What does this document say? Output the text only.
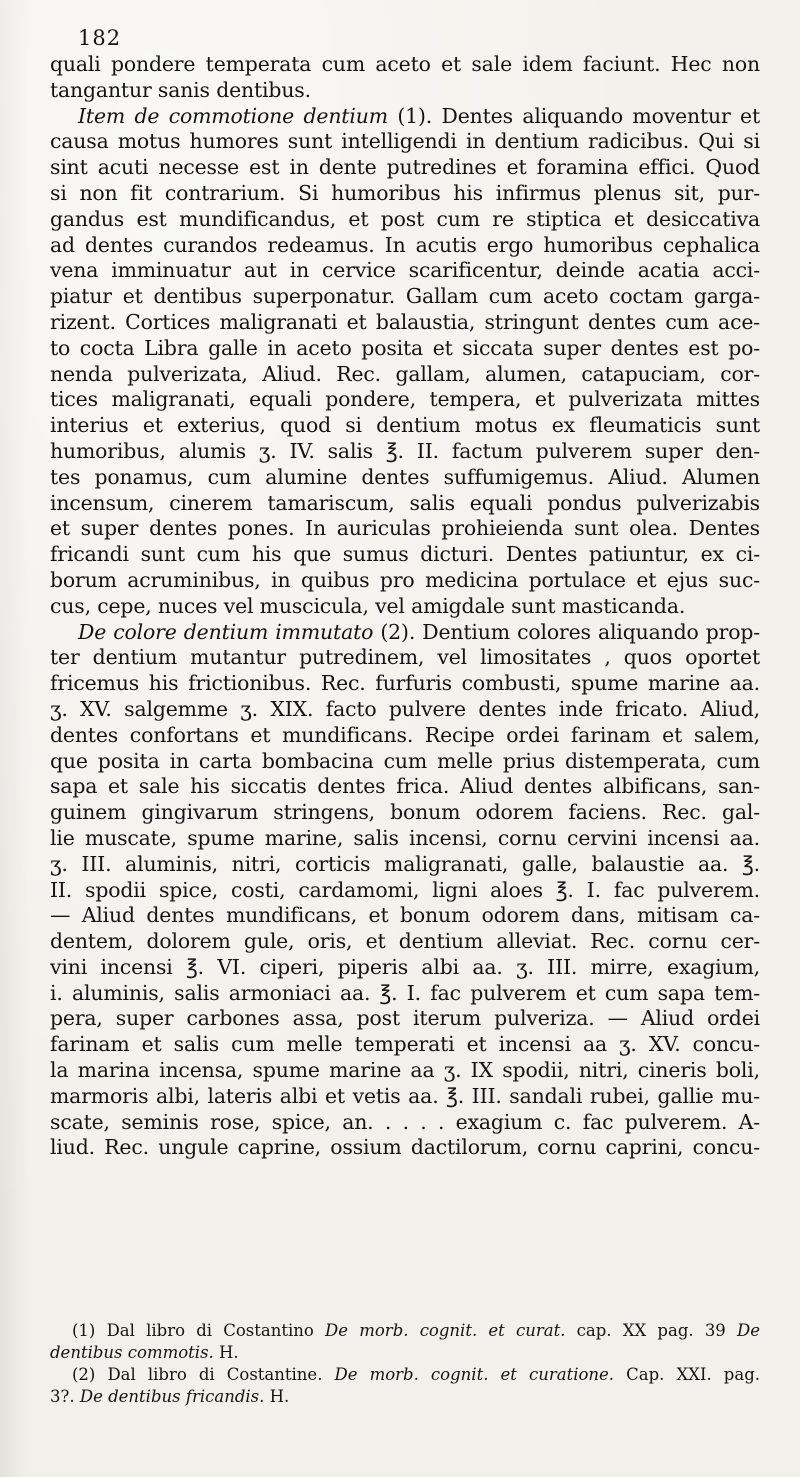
182
quali pondere temperata cum aceto et sale idem faciunt. Hec non
tangantur sanis dentibus.
Item de commotione dentium (1). Dentes aliquando moventur et
causa motus humores sunt intelligendi in dentium radicibus. Qui si
sint acuti necesse est in dente putredines et foramina effici. Quod
si non fit contrarium. Si humoribus his infirmus plenus sit, pur-
gandus est mundificandus, et post cum re stiptica et desiccativa
ad dentes curandos redeamus. In acutis ergo humoribus cephalica
vena imminuatur aut in cervice scarificentur, deinde acatia acci-
piatur et dentibus superponatur. Gallam cum aceto coctam garga-
rizent. Cortices maligranati et balaustia, stringunt dentes cum ace-
to cocta Libra galle in aceto posita et siccata super dentes est po-
nenda pulverizata, Aliud. Rec. gallam, alumen, catapuciam, cor-
tices maligranati, equali pondere, tempera, et pulverizata mittes
interius et exterius, quod si dentium motus ex fleumaticis sunt
humoribus, alumis ʒ. IV. salis ℥. II. factum pulverem super den-
tes ponamus, cum alumine dentes suffumigemus. Aliud. Alumen
incensum, cinerem tamariscum, salis equali pondus pulverizabis
et super dentes pones. In auriculas prohieienda sunt olea. Dentes
fricandi sunt cum his que sumus dicturi. Dentes patiuntur, ex ci-
borum acruminibus, in quibus pro medicina portulace et ejus suc-
cus, cepe, nuces vel muscicula, vel amigdale sunt masticanda.
De colore dentium immutato (2). Dentium colores aliquando prop-
ter dentium mutantur putredinem, vel limositates , quos oportet
fricemus his frictionibus. Rec. furfuris combusti, spume marine aa.
ʒ. XV. salgemme ʒ. XIX. facto pulvere dentes inde fricato. Aliud,
dentes confortans et mundificans. Recipe ordei farinam et salem,
que posita in carta bombacina cum melle prius distemperata, cum
sapa et sale his siccatis dentes frica. Aliud dentes albificans, san-
guinem gingivarum stringens, bonum odorem faciens. Rec. gal-
lie muscate, spume marine, salis incensi, cornu cervini incensi aa.
ʒ. III. aluminis, nitri, corticis maligranati, galle, balaustie aa. ℥.
II. spodii spice, costi, cardamomi, ligni aloes ℥. I. fac pulverem.
— Aliud dentes mundificans, et bonum odorem dans, mitisam ca-
dentem, dolorem gule, oris, et dentium alleviat. Rec. cornu cer-
vini incensi ℥. VI. ciperi, piperis albi aa. ʒ. III. mirre, exagium,
i. aluminis, salis armoniaci aa. ℥. I. fac pulverem et cum sapa tem-
pera, super carbones assa, post iterum pulveriza. — Aliud ordei
farinam et salis cum melle temperati et incensi aa ʒ. XV. concu-
la marina incensa, spume marine aa ʒ. IX spodii, nitri, cineris boli,
marmoris albi, lateris albi et vetis aa. ℥. III. sandali rubei, gallie mu-
scate, seminis rose, spice, an. . . . . exagium c. fac pulverem. A-
liud. Rec. ungule caprine, ossium dactilorum, cornu caprini, concu-
(1) Dal libro di Costantino De morb. cognit. et curat. cap. XX pag. 39 De
dentibus commotis. H.
(2) Dal libro di Costantine. De morb. cognit. et curatione. Cap. XXI. pag.
3?. De dentibus fricandis. H.
